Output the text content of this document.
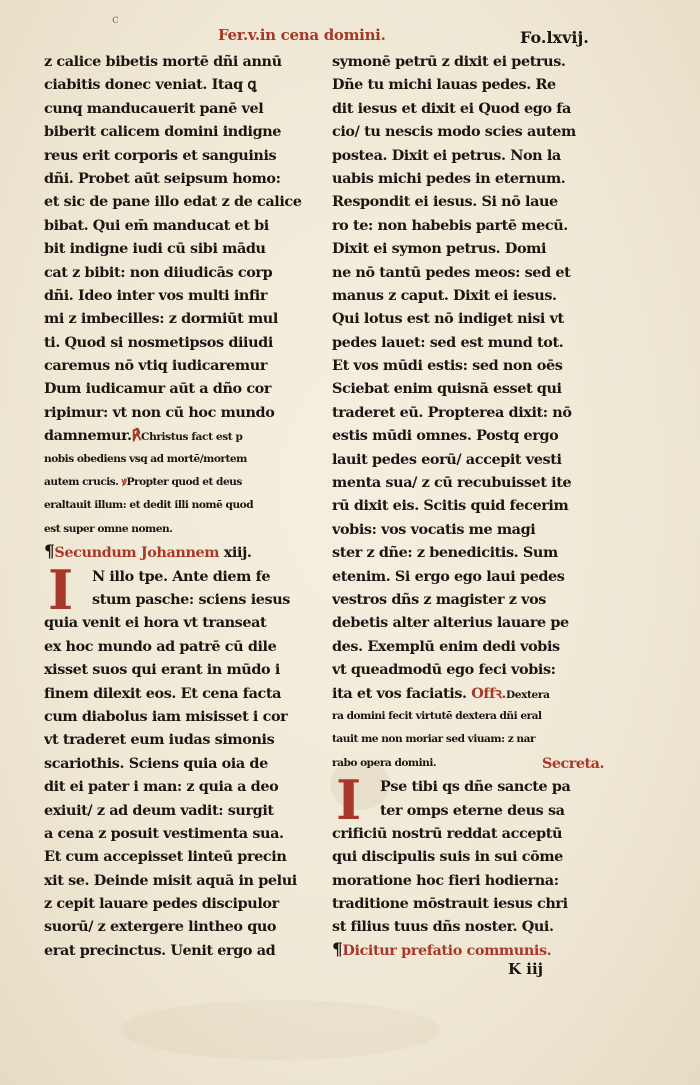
c
Fer.v.in cena domini.	Fo.lxvij.
z calice bibetis mortē dñi annū
ciabitis donec veniat. Itaq ꝗ
cunq manducauerit panē vel
biberit calicem domini indigne
reus erit corporis et sanguinis
dñi. Probet aūt seipsum homo:
et sic de pane illo edat z de calice
bibat. Qui em̄ manducat et bi
bit indigne iudi cū sibi mādu
cat z bibit: non diiudicās corp
dñi. Ideo inter vos multi infir
mi z imbecilles: z dormiūt mul
ti. Quod si nosmetipsos diiudi
caremus nō vtiq iudicaremur
Dum iudicamur aūt a dño cor
ripimur: vt non cū hoc mundo
damnemur.℟Christus fact est p
nobis obediens vsq ad mortē/mortem
autem crucis. ꝟPropter quod et deus
eraltauit illum: et dedit illi nomē quod
est super omne nomen.
¶Secundum Johannem xiij.
I	N illo tpe. Ante diem fe
stum pasche: sciens iesus
quia venit ei hora vt transeat
ex hoc mundo ad patrē cū dile
xisset suos qui erant in mūdo i
finem dilexit eos. Et cena facta
cum diabolus iam misisset i cor
vt traderet eum iudas simonis
scariothis. Sciens quia oia de
dit ei pater i man: z quia a deo
exiuit/ z ad deum vadit: surgit
a cena z posuit vestimenta sua.
Et cum accepisset linteū precin
xit se. Deinde misit aquā in pelui
z cepit lauare pedes discipulor
suorū/ z extergere lintheo quo
erat precinctus. Uenit ergo ad
symonē petrū z dixit ei petrus.
Dñe tu michi lauas pedes. Re
dit iesus et dixit ei Quod ego fa
cio/ tu nescis modo scies autem
postea. Dixit ei petrus. Non la
uabis michi pedes in eternum.
Respondit ei iesus. Si nō laue
ro te: non habebis partē mecū.
Dixit ei symon petrus. Domi
ne nō tantū pedes meos: sed et
manus z caput. Dixit ei iesus.
Qui lotus est nō indiget nisi vt
pedes lauet: sed est mund tot.
Et vos mūdi estis: sed non oēs
Sciebat enim quisnā esset qui
traderet eū. Propterea dixit: nō
estis mūdi omnes. Postq ergo
lauit pedes eorū/ accepit vesti
menta sua/ z cū recubuisset ite
rū dixit eis. Scitis quid fecerim
vobis: vos vocatis me magi
ster z dñe: z benedicitis. Sum
etenim. Si ergo ego laui pedes
vestros dñs z magister z vos
debetis alter alterius lauare pe
des. Exemplū enim dedi vobis
vt queadmodū ego feci vobis:
ita et vos faciatis. Offꝛ.Dextera
ra domini fecit virtutē dextera dñi eral
tauit me non moriar sed viuam: z nar
rabo opera domini.	Secreta.
I	Pse tibi qs dñe sancte pa
ter omps eterne deus sa
crificiū nostrū reddat acceptū
qui discipulis suis in sui cōme
moratione hoc fieri hodierna:
traditione mōstrauit iesus chri
st filius tuus dñs noster. Qui.
¶Dicitur prefatio communis.
K iij
